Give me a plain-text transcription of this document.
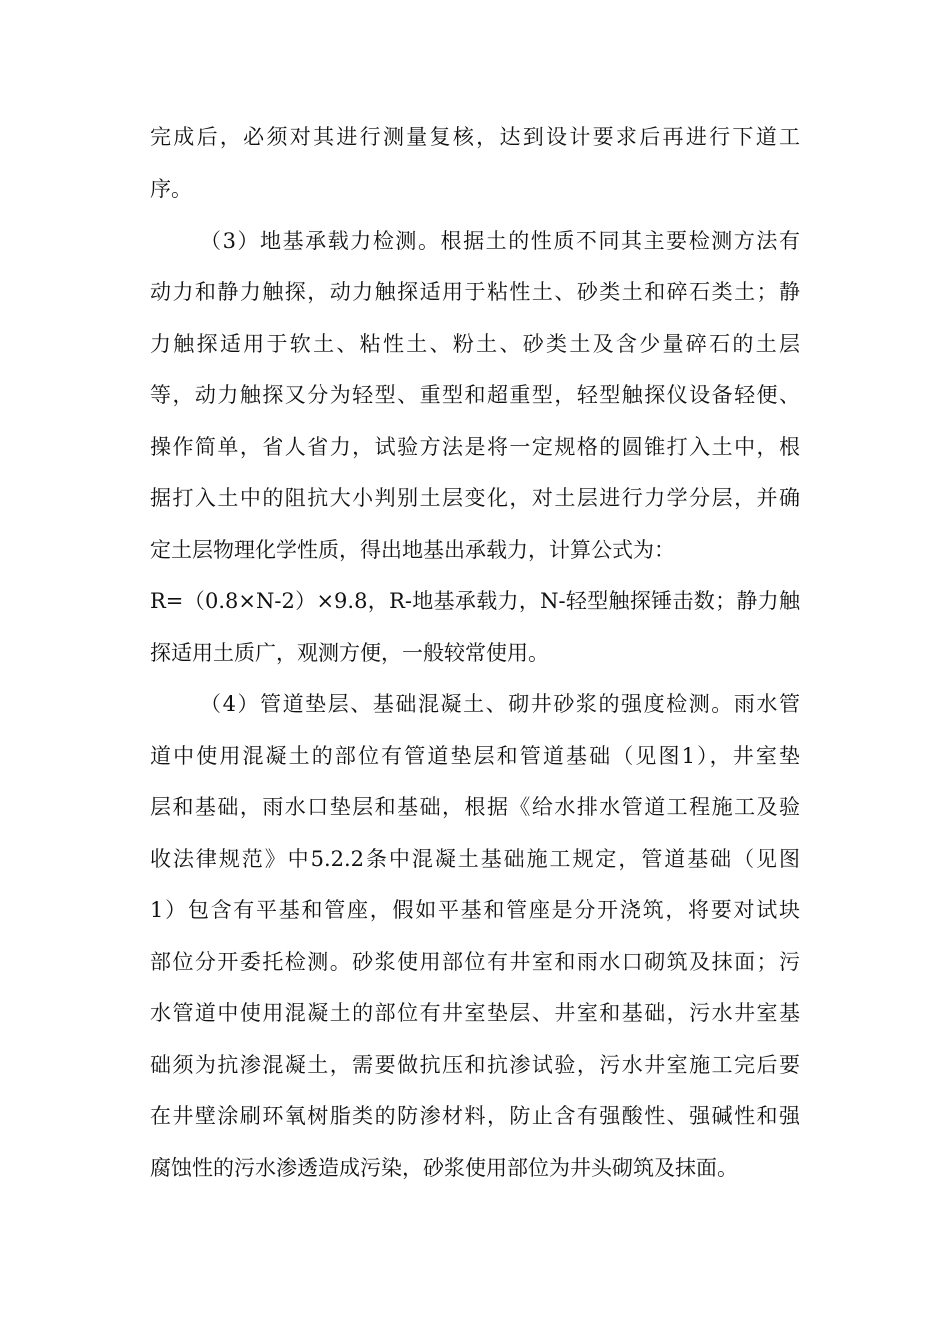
完成后，必须对其进行测量复核，达到设计要求后再进行下道工
序。
（3）地基承载力检测。根据土的性质不同其主要检测方法有
动力和静力触探，动力触探适用于粘性土、砂类土和碎石类土；静
力触探适用于软土、粘性土、粉土、砂类土及含少量碎石的土层
等，动力触探又分为轻型、重型和超重型，轻型触探仪设备轻便、
操作简单，省人省力，试验方法是将一定规格的圆锥打入土中，根
据打入土中的阻抗大小判别土层变化，对土层进行力学分层，并确
定土层物理化学性质，得出地基出承载力，计算公式为：
R=（0.8×N-2）×9.8，R-地基承载力，N-轻型触探锤击数；静力触
探适用土质广，观测方便，一般较常使用。
（4）管道垫层、基础混凝土、砌井砂浆的强度检测。雨水管
道中使用混凝土的部位有管道垫层和管道基础（见图1），井室垫
层和基础，雨水口垫层和基础，根据《给水排水管道工程施工及验
收法律规范》中5.2.2条中混凝土基础施工规定，管道基础（见图
1）包含有平基和管座，假如平基和管座是分开浇筑，将要对试块
部位分开委托检测。砂浆使用部位有井室和雨水口砌筑及抹面；污
水管道中使用混凝土的部位有井室垫层、井室和基础，污水井室基
础须为抗渗混凝土，需要做抗压和抗渗试验，污水井室施工完后要
在井壁涂刷环氧树脂类的防渗材料，防止含有强酸性、强碱性和强
腐蚀性的污水渗透造成污染，砂浆使用部位为井头砌筑及抹面。
